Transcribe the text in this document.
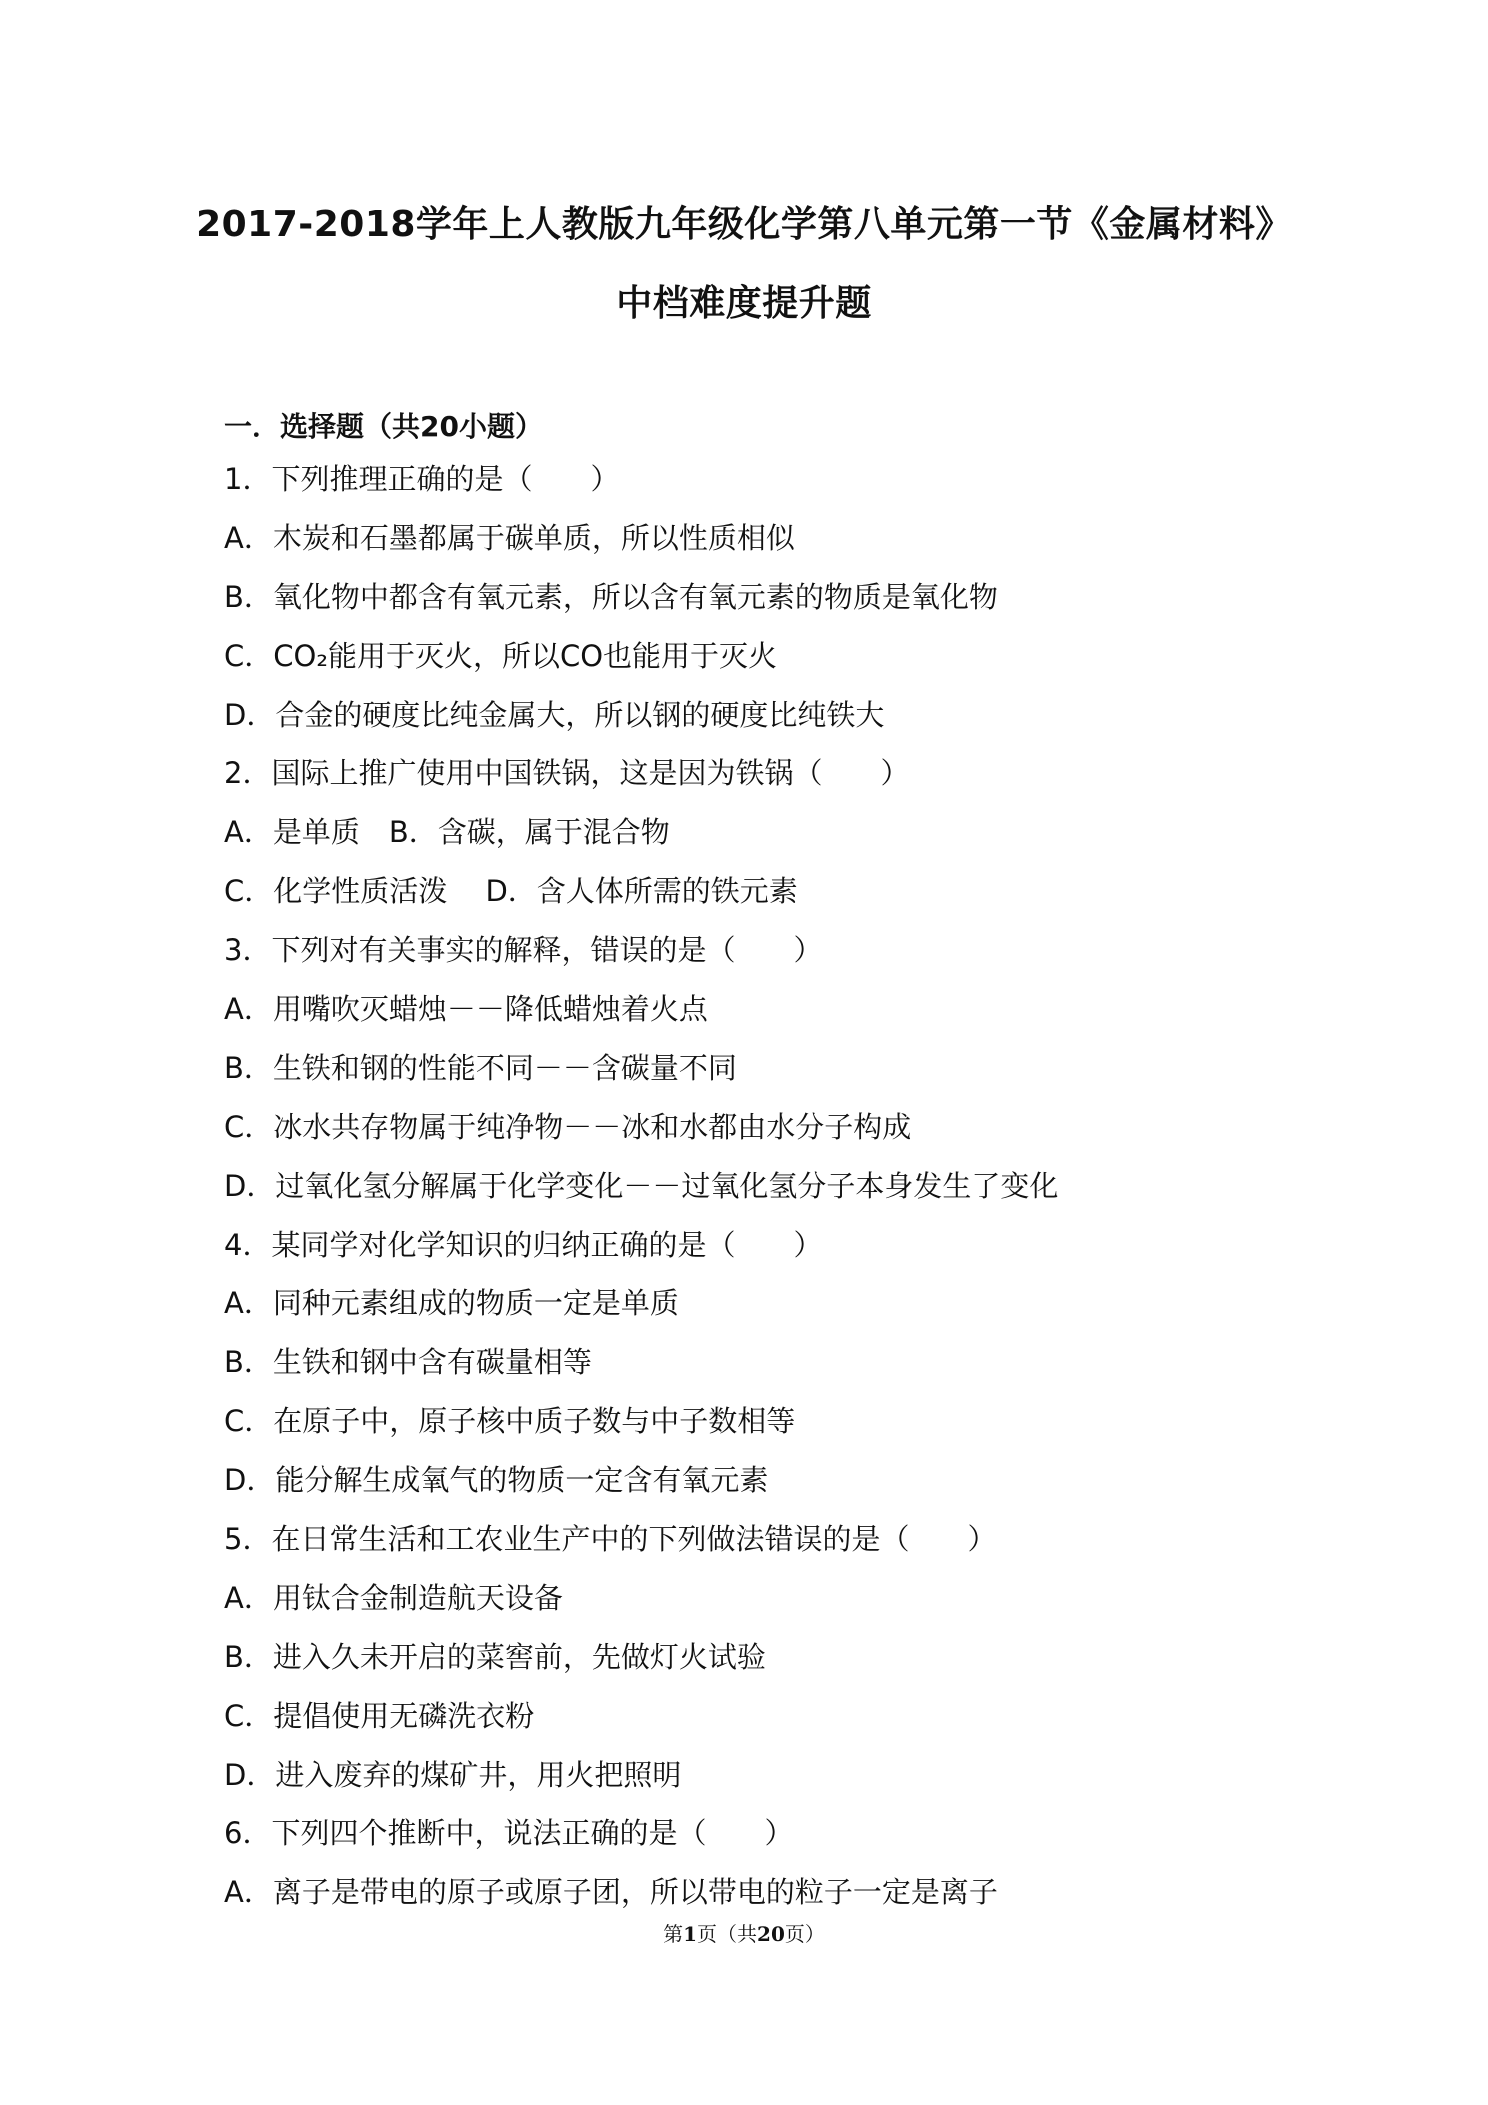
2017-2018学年上人教版九年级化学第八单元第一节《金属材料》
中档难度提升题
一．选择题（共20小题）
1．下列推理正确的是（　　）
A．木炭和石墨都属于碳单质，所以性质相似
B．氧化物中都含有氧元素，所以含有氧元素的物质是氧化物
C．CO₂能用于灭火，所以CO也能用于灭火
D．合金的硬度比纯金属大，所以钢的硬度比纯铁大
2．国际上推广使用中国铁锅，这是因为铁锅（　　）
A．是单质　B．含碳，属于混合物
C．化学性质活泼　 D．含人体所需的铁元素
3．下列对有关事实的解释，错误的是（　　）
A．用嘴吹灭蜡烛－－降低蜡烛着火点
B．生铁和钢的性能不同－－含碳量不同
C．冰水共存物属于纯净物－－冰和水都由水分子构成
D．过氧化氢分解属于化学变化－－过氧化氢分子本身发生了变化
4．某同学对化学知识的归纳正确的是（　　）
A．同种元素组成的物质一定是单质
B．生铁和钢中含有碳量相等
C．在原子中，原子核中质子数与中子数相等
D．能分解生成氧气的物质一定含有氧元素
5．在日常生活和工农业生产中的下列做法错误的是（　　）
A．用钛合金制造航天设备
B．进入久未开启的菜窖前，先做灯火试验
C．提倡使用无磷洗衣粉
D．进入废弃的煤矿井，用火把照明
6．下列四个推断中，说法正确的是（　　）
A．离子是带电的原子或原子团，所以带电的粒子一定是离子
第1页（共20页）
